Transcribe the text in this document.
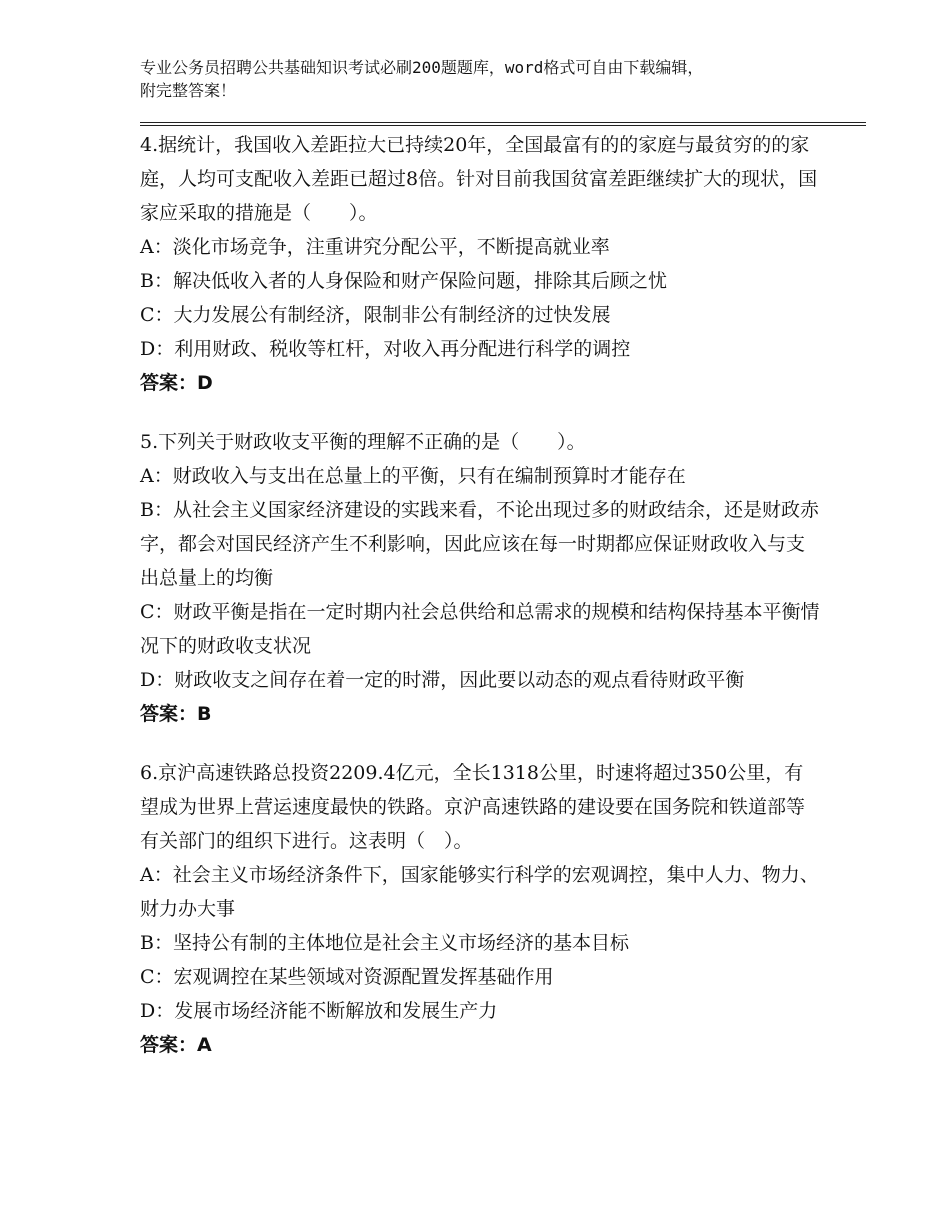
专业公务员招聘公共基础知识考试必刷200题题库，word格式可自由下载编辑，
附完整答案！

4.据统计，我国收入差距拉大已持续20年，全国最富有的的家庭与最贫穷的的家庭，人均可支配收入差距已超过8倍。针对目前我国贫富差距继续扩大的现状，国家应采取的措施是（　　）。

A：淡化市场竞争，注重讲究分配公平，不断提高就业率

B：解决低收入者的人身保险和财产保险问题，排除其后顾之忧

C：大力发展公有制经济，限制非公有制经济的过快发展

D：利用财政、税收等杠杆，对收入再分配进行科学的调控

答案：D

5.下列关于财政收支平衡的理解不正确的是（　　）。

A：财政收入与支出在总量上的平衡，只有在编制预算时才能存在

B：从社会主义国家经济建设的实践来看，不论出现过多的财政结余，还是财政赤字，都会对国民经济产生不利影响，因此应该在每一时期都应保证财政收入与支出总量上的均衡

C：财政平衡是指在一定时期内社会总供给和总需求的规模和结构保持基本平衡情况下的财政收支状况

D：财政收支之间存在着一定的时滞，因此要以动态的观点看待财政平衡

答案：B

6.京沪高速铁路总投资2209.4亿元，全长1318公里，时速将超过350公里，有望成为世界上营运速度最快的铁路。京沪高速铁路的建设要在国务院和铁道部等有关部门的组织下进行。这表明（　）。

A：社会主义市场经济条件下，国家能够实行科学的宏观调控，集中人力、物力、财力办大事

B：坚持公有制的主体地位是社会主义市场经济的基本目标

C：宏观调控在某些领域对资源配置发挥基础作用

D：发展市场经济能不断解放和发展生产力

答案：A
